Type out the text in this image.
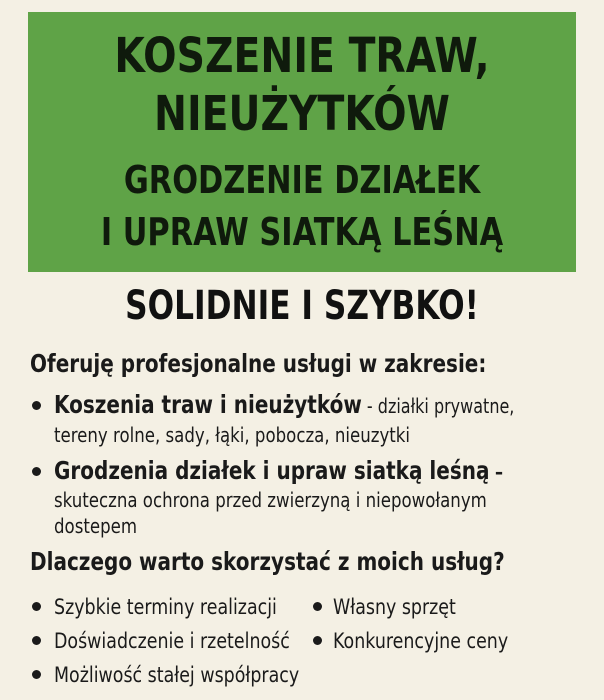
KOSZENIE TRAW,
NIEUŻYTKÓW
GRODZENIE DZIAŁEK
I UPRAW SIATKĄ LEŚNĄ
SOLIDNIE I SZYBKO!
Oferuję profesjonalne usługi w zakresie:
Koszenia traw i nieużytków - działki prywatne,
tereny rolne, sady, łąki, pobocza, nieuzytki
Grodzenia działek i upraw siatką leśną –
skuteczna ochrona przed zwierzyną i niepowołanym
dostepem
Dlaczego warto skorzystać z moich usług?
Szybkie terminy realizacji	Własny sprzęt
Doświadczenie i rzetelność Konkurencyjne ceny
Możliwość stałej współpracy
